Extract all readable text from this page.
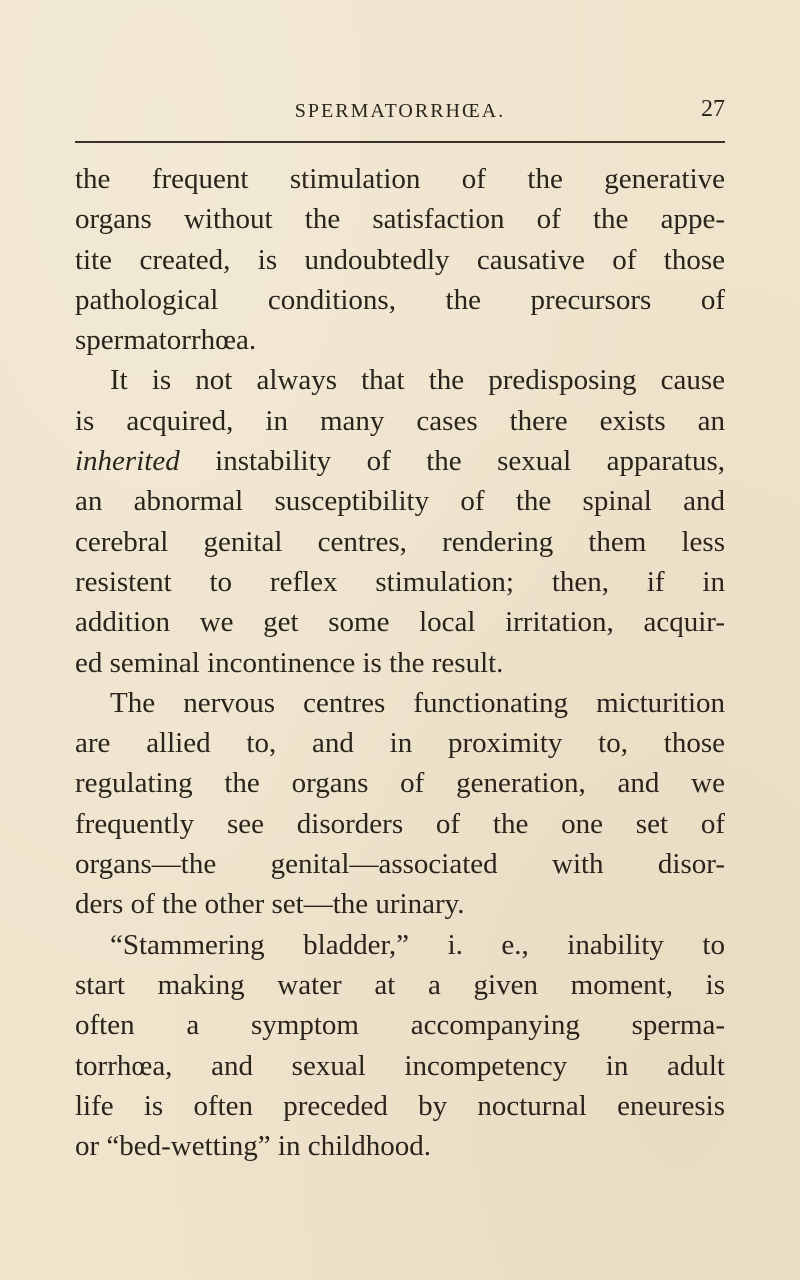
SPERMATORRHŒA.	27
the frequent stimulation of the generative
organs without the satisfaction of the appe-
tite created, is undoubtedly causative of those
pathological conditions, the precursors of
spermatorrhœa.
It is not always that the predisposing cause
is acquired, in many cases there exists an
inherited instability of the sexual apparatus,
an abnormal susceptibility of the spinal and
cerebral genital centres, rendering them less
resistent to reflex stimulation; then, if in
addition we get some local irritation, acquir-
ed seminal incontinence is the result.
The nervous centres functionating micturition
are allied to, and in proximity to, those
regulating the organs of generation, and we
frequently see disorders of the one set of
organs—the genital—associated with disor-
ders of the other set—the urinary.
“Stammering bladder,” i. e., inability to
start making water at a given moment, is
often a symptom accompanying sperma-
torrhœa, and sexual incompetency in adult
life is often preceded by nocturnal eneuresis
or “bed-wetting” in childhood.
